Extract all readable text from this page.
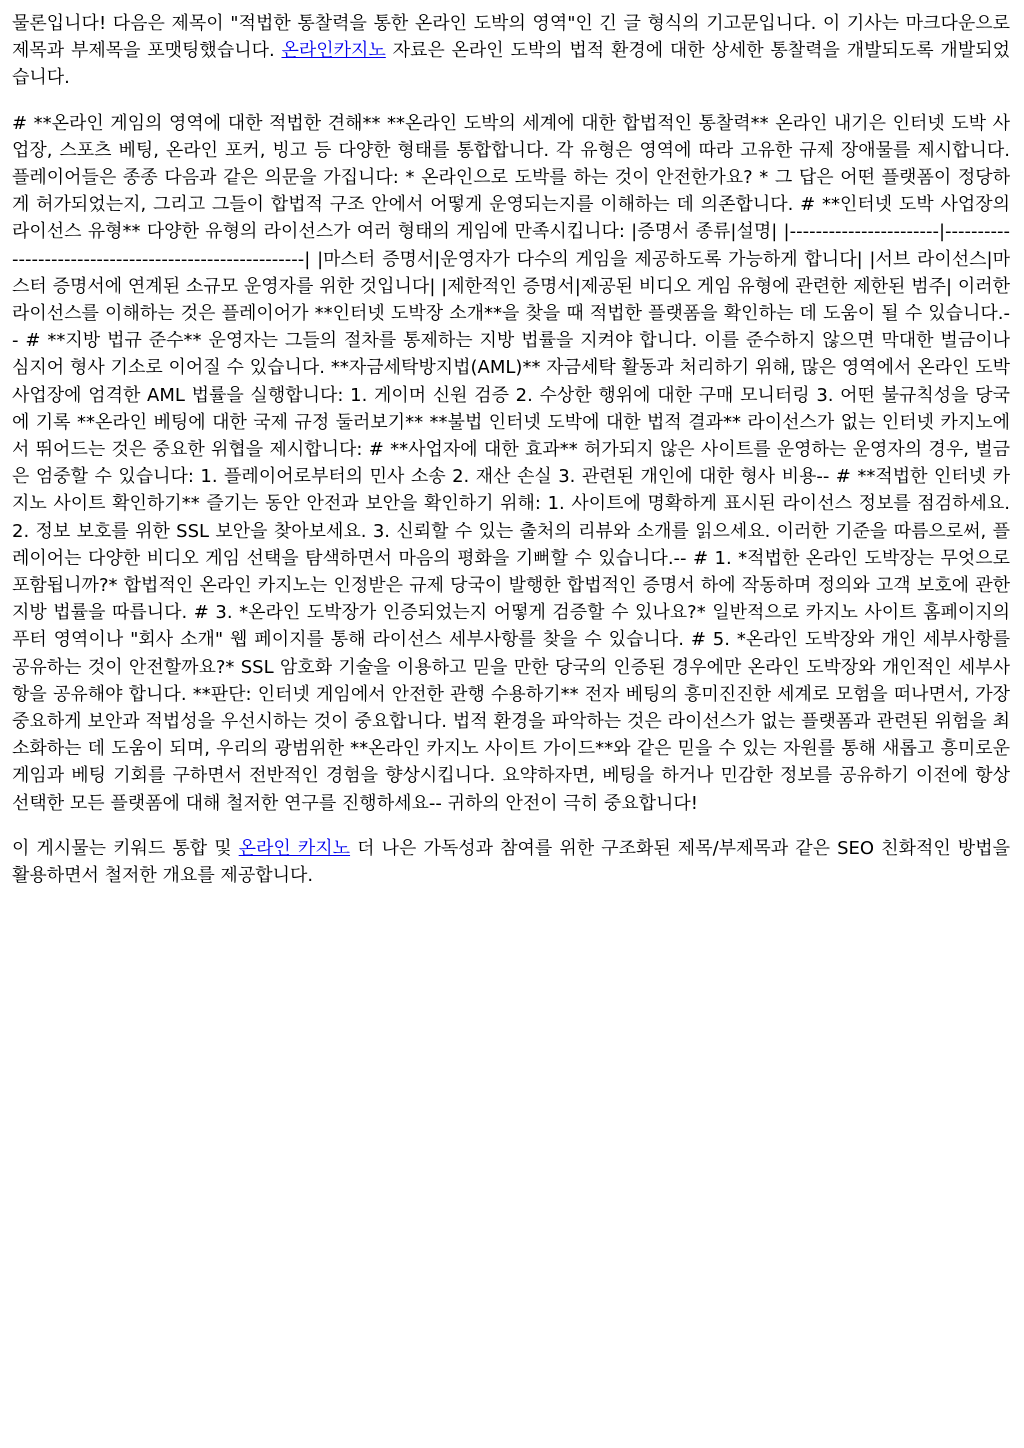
물론입니다! 다음은 제목이 "적법한 통찰력을 통한 온라인 도박의 영역"인 긴 글 형식의 기고문입니다. 이 기사는 마크다운으로 제목과 부제목을 포맷팅했습니다. 온라인카지노 자료은 온라인 도박의 법적 환경에 대한 상세한 통찰력을 개발되도록 개발되었습니다.

# **온라인 게임의 영역에 대한 적법한 견해** **온라인 도박의 세계에 대한 합법적인 통찰력** 온라인 내기은 인터넷 도박 사업장, 스포츠 베팅, 온라인 포커, 빙고 등 다양한 형태를 통합합니다. 각 유형은 영역에 따라 고유한 규제 장애물를 제시합니다. 플레이어들은 종종 다음과 같은 의문을 가집니다: * 온라인으로 도박를 하는 것이 안전한가요? * 그 답은 어떤 플랫폼이 정당하게 허가되었는지, 그리고 그들이 합법적 구조 안에서 어떻게 운영되는지를 이해하는 데 의존합니다. # **인터넷 도박 사업장의 라이선스 유형** 다양한 유형의 라이선스가 여러 형태의 게임에 만족시킵니다: |증명서 종류|설명| |-----------------------|-------------------------------------------------------| |마스터 증명서|운영자가 다수의 게임을 제공하도록 가능하게 합니다| |서브 라이선스|마스터 증명서에 연계된 소규모 운영자를 위한 것입니다| |제한적인 증명서|제공된 비디오 게임 유형에 관련한 제한된 범주| 이러한 라이선스를 이해하는 것은 플레이어가 **인터넷 도박장 소개**을 찾을 때 적법한 플랫폼을 확인하는 데 도움이 될 수 있습니다.-- # **지방 법규 준수** 운영자는 그들의 절차를 통제하는 지방 법률을 지켜야 합니다. 이를 준수하지 않으면 막대한 벌금이나 심지어 형사 기소로 이어질 수 있습니다. **자금세탁방지법(AML)** 자금세탁 활동과 처리하기 위해, 많은 영역에서 온라인 도박 사업장에 엄격한 AML 법률을 실행합니다: 1. 게이머 신원 검증 2. 수상한 행위에 대한 구매 모니터링 3. 어떤 불규칙성을 당국에 기록 **온라인 베팅에 대한 국제 규정 둘러보기** **불법 인터넷 도박에 대한 법적 결과** 라이선스가 없는 인터넷 카지노에서 뛰어드는 것은 중요한 위협을 제시합니다: # **사업자에 대한 효과** 허가되지 않은 사이트를 운영하는 운영자의 경우, 벌금은 엄중할 수 있습니다: 1. 플레이어로부터의 민사 소송 2. 재산 손실 3. 관련된 개인에 대한 형사 비용-- # **적법한 인터넷 카지노 사이트 확인하기** 즐기는 동안 안전과 보안을 확인하기 위해: 1. 사이트에 명확하게 표시된 라이선스 정보를 점검하세요. 2. 정보 보호를 위한 SSL 보안을 찾아보세요. 3. 신뢰할 수 있는 출처의 리뷰와 소개를 읽으세요. 이러한 기준을 따름으로써, 플레이어는 다양한 비디오 게임 선택을 탐색하면서 마음의 평화을 기뻐할 수 있습니다.-- # 1. *적법한 온라인 도박장는 무엇으로 포함됩니까?* 합법적인 온라인 카지노는 인정받은 규제 당국이 발행한 합법적인 증명서 하에 작동하며 정의와 고객 보호에 관한 지방 법률을 따릅니다. # 3. *온라인 도박장가 인증되었는지 어떻게 검증할 수 있나요?* 일반적으로 카지노 사이트 홈페이지의 푸터 영역이나 "회사 소개" 웹 페이지를 통해 라이선스 세부사항를 찾을 수 있습니다. # 5. *온라인 도박장와 개인 세부사항를 공유하는 것이 안전할까요?* SSL 암호화 기술을 이용하고 믿을 만한 당국의 인증된 경우에만 온라인 도박장와 개인적인 세부사항을 공유해야 합니다. **판단: 인터넷 게임에서 안전한 관행 수용하기** 전자 베팅의 흥미진진한 세계로 모험을 떠나면서, 가장 중요하게 보안과 적법성을 우선시하는 것이 중요합니다. 법적 환경을 파악하는 것은 라이선스가 없는 플랫폼과 관련된 위험을 최소화하는 데 도움이 되며, 우리의 광범위한 **온라인 카지노 사이트 가이드**와 같은 믿을 수 있는 자원를 통해 새롭고 흥미로운 게임과 베팅 기회를 구하면서 전반적인 경험을 향상시킵니다. 요약하자면, 베팅을 하거나 민감한 정보를 공유하기 이전에 항상 선택한 모든 플랫폼에 대해 철저한 연구를 진행하세요-- 귀하의 안전이 극히 중요합니다!

이 게시물는 키워드 통합 및 온라인 카지노 더 나은 가독성과 참여를 위한 구조화된 제목/부제목과 같은 SEO 친화적인 방법을 활용하면서 철저한 개요를 제공합니다.
